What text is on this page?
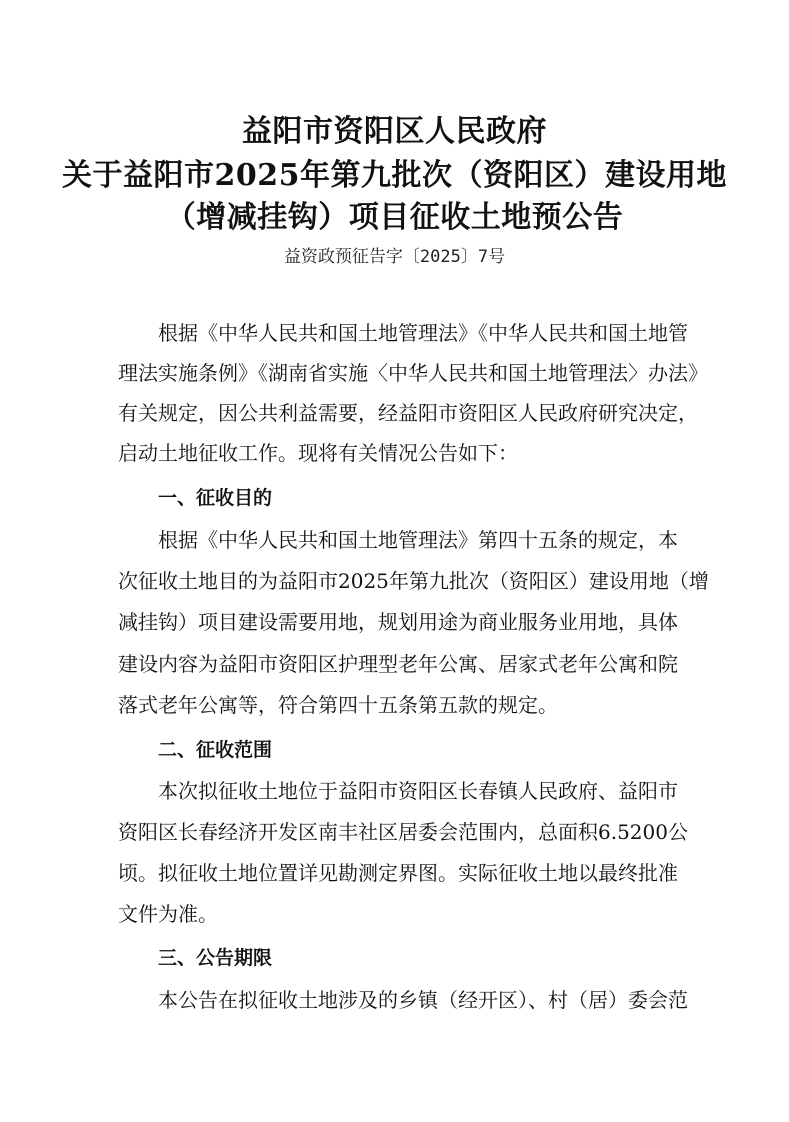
益阳市资阳区人民政府
关于益阳市2025年第九批次（资阳区）建设用地
（增减挂钩）项目征收土地预公告
益资政预征告字〔2025〕7号
根据《中华人民共和国土地管理法》《中华人民共和国土地管
理法实施条例》《湖南省实施〈中华人民共和国土地管理法〉办法》
有关规定，因公共利益需要，经益阳市资阳区人民政府研究决定，
启动土地征收工作。现将有关情况公告如下：
一、征收目的
根据《中华人民共和国土地管理法》第四十五条的规定，本
次征收土地目的为益阳市2025年第九批次（资阳区）建设用地（增
减挂钩）项目建设需要用地，规划用途为商业服务业用地，具体
建设内容为益阳市资阳区护理型老年公寓、居家式老年公寓和院
落式老年公寓等，符合第四十五条第五款的规定。
二、征收范围
本次拟征收土地位于益阳市资阳区长春镇人民政府、益阳市
资阳区长春经济开发区南丰社区居委会范围内，总面积6.5200公
顷。拟征收土地位置详见勘测定界图。实际征收土地以最终批准
文件为准。
三、公告期限
本公告在拟征收土地涉及的乡镇（经开区）、村（居）委会范
